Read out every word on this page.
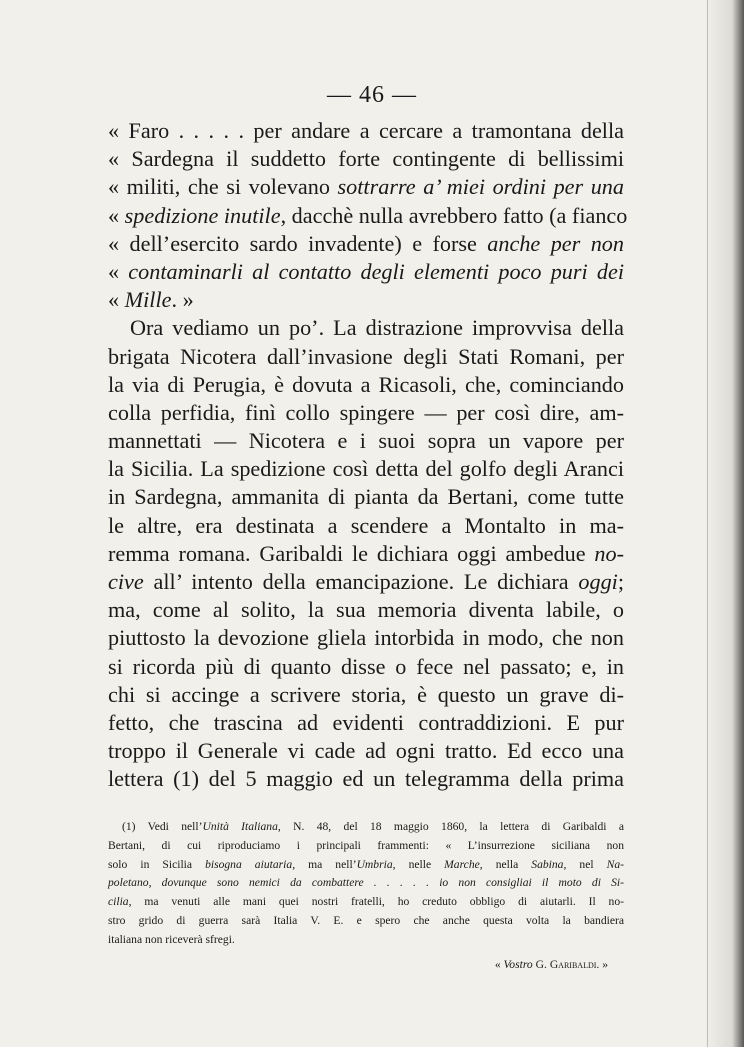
— 46 —
« Faro . . . . . per andare a cercare a tramontana della
« Sardegna il suddetto forte contingente di bellissimi
« militi, che si volevano sottrarre a’ miei ordini per una
« spedizione inutile, dacchè nulla avrebbero fatto (a fianco
« dell’esercito sardo invadente) e forse anche per non
« contaminarli al contatto degli elementi poco puri dei
« Mille. »
Ora vediamo un po’. La distrazione improvvisa della
brigata Nicotera dall’invasione degli Stati Romani, per
la via di Perugia, è dovuta a Ricasoli, che, cominciando
colla perfidia, finì collo spingere — per così dire, am-
mannettati — Nicotera e i suoi sopra un vapore per
la Sicilia. La spedizione così detta del golfo degli Aranci
in Sardegna, ammanita di pianta da Bertani, come tutte
le altre, era destinata a scendere a Montalto in ma-
remma romana. Garibaldi le dichiara oggi ambedue no-
cive all’ intento della emancipazione. Le dichiara oggi;
ma, come al solito, la sua memoria diventa labile, o
piuttosto la devozione gliela intorbida in modo, che non
si ricorda più di quanto disse o fece nel passato; e, in
chi si accinge a scrivere storia, è questo un grave di-
fetto, che trascina ad evidenti contraddizioni. E pur
troppo il Generale vi cade ad ogni tratto. Ed ecco una
lettera (1) del 5 maggio ed un telegramma della prima
(1) Vedi nell’Unità Italiana, N. 48, del 18 maggio 1860, la lettera di Garibaldi a
Bertani, di cui riproduciamo i principali frammenti: « L’insurrezione siciliana non
solo in Sicilia bisogna aiutaria, ma nell’Umbria, nelle Marche, nella Sabina, nel Na-
poletano, dovunque sono nemici da combattere . . . . . io non consigliai il moto di Si-
cilia, ma venuti alle mani quei nostri fratelli, ho creduto obbligo di aiutarli. Il no-
stro grido di guerra sarà Italia V. E. e spero che anche questa volta la bandiera
italiana non riceverà sfregi.
« Vostro G. Garibaldi. »
